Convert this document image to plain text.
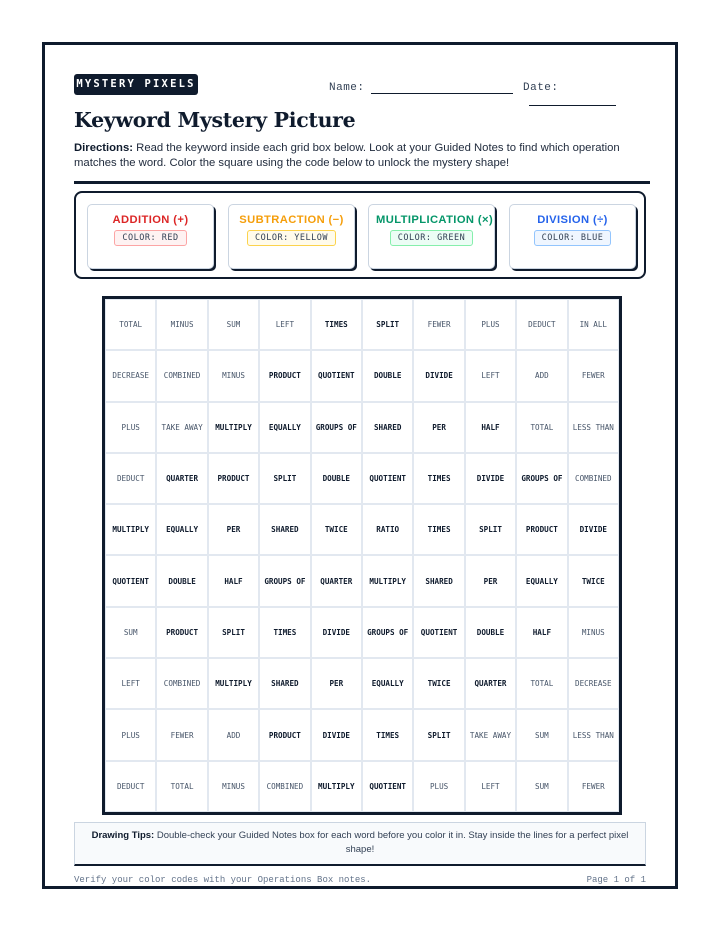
MYSTERY PIXELS	Name:	Date:
Keyword Mystery Picture
Directions: Read the keyword inside each grid box below. Look at your Guided Notes to find which operation matches the word. Color the square using the code below to unlock the mystery shape!
ADDITION (+)
COLOR: RED
SUBTRACTION (−)
COLOR: YELLOW
MULTIPLICATION (×)
COLOR: GREEN
DIVISION (÷)
COLOR: BLUE
TOTAL	MINUS	SUM	LEFT	TIMES	SPLIT	FEWER	PLUS	DEDUCT	IN ALL
DECREASE	COMBINED	MINUS	PRODUCT	QUOTIENT	DOUBLE	DIVIDE	LEFT	ADD	FEWER
PLUS	TAKE AWAY	MULTIPLY	EQUALLY	GROUPS OF	SHARED	PER	HALF	TOTAL	LESS THAN
DEDUCT	QUARTER	PRODUCT	SPLIT	DOUBLE	QUOTIENT	TIMES	DIVIDE	GROUPS OF	COMBINED
MULTIPLY	EQUALLY	PER	SHARED	TWICE	RATIO	TIMES	SPLIT	PRODUCT	DIVIDE
QUOTIENT	DOUBLE	HALF	GROUPS OF	QUARTER	MULTIPLY	SHARED	PER	EQUALLY	TWICE
SUM	PRODUCT	SPLIT	TIMES	DIVIDE	GROUPS OF	QUOTIENT	DOUBLE	HALF	MINUS
LEFT	COMBINED	MULTIPLY	SHARED	PER	EQUALLY	TWICE	QUARTER	TOTAL	DECREASE
PLUS	FEWER	ADD	PRODUCT	DIVIDE	TIMES	SPLIT	TAKE AWAY	SUM	LESS THAN
DEDUCT	TOTAL	MINUS	COMBINED	MULTIPLY	QUOTIENT	PLUS	LEFT	SUM	FEWER
Drawing Tips: Double-check your Guided Notes box for each word before you color it in. Stay inside the lines for a perfect pixel shape!
Verify your color codes with your Operations Box notes.	Page 1 of 1
